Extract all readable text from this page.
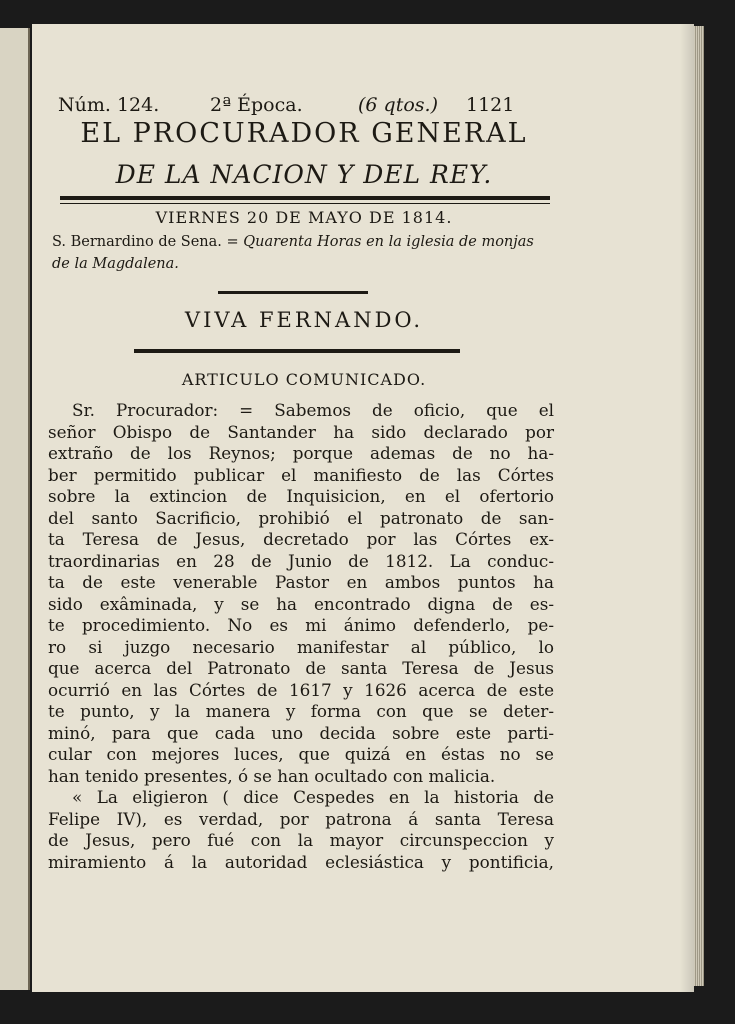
Núm. 124.	2ª Época.	(6 qtos.) 1121
EL PROCURADOR GENERAL
DE LA NACION Y DEL REY.
VIERNES 20 DE MAYO DE 1814.
S. Bernardino de Sena. = Quarenta Horas en la iglesia de monjas de la Magdalena.
VIVA FERNANDO.
ARTICULO COMUNICADO.
Sr. Procurador: = Sabemos de oficio, que el
señor Obispo de Santander ha sido declarado por
extraño de los Reynos; porque ademas de no ha-
ber permitido publicar el manifiesto de las Córtes
sobre la extincion de Inquisicion, en el ofertorio
del santo Sacrificio, prohibió el patronato de san-
ta Teresa de Jesus, decretado por las Córtes ex-
traordinarias en 28 de Junio de 1812. La conduc-
ta de este venerable Pastor en ambos puntos ha
sido exâminada, y se ha encontrado digna de es-
te procedimiento. No es mi ánimo defenderlo, pe-
ro si juzgo necesario manifestar al público, lo
que acerca del Patronato de santa Teresa de Jesus
ocurrió en las Córtes de 1617 y 1626 acerca de este
te punto, y la manera y forma con que se deter-
minó, para que cada uno decida sobre este parti-
cular con mejores luces, que quizá en éstas no se
han tenido presentes, ó se han ocultado con malicia.
« La eligieron ( dice Cespedes en la historia de
Felipe IV), es verdad, por patrona á santa Teresa
de Jesus, pero fué con la mayor circunspeccion y
miramiento á la autoridad eclesiástica y pontificia,
